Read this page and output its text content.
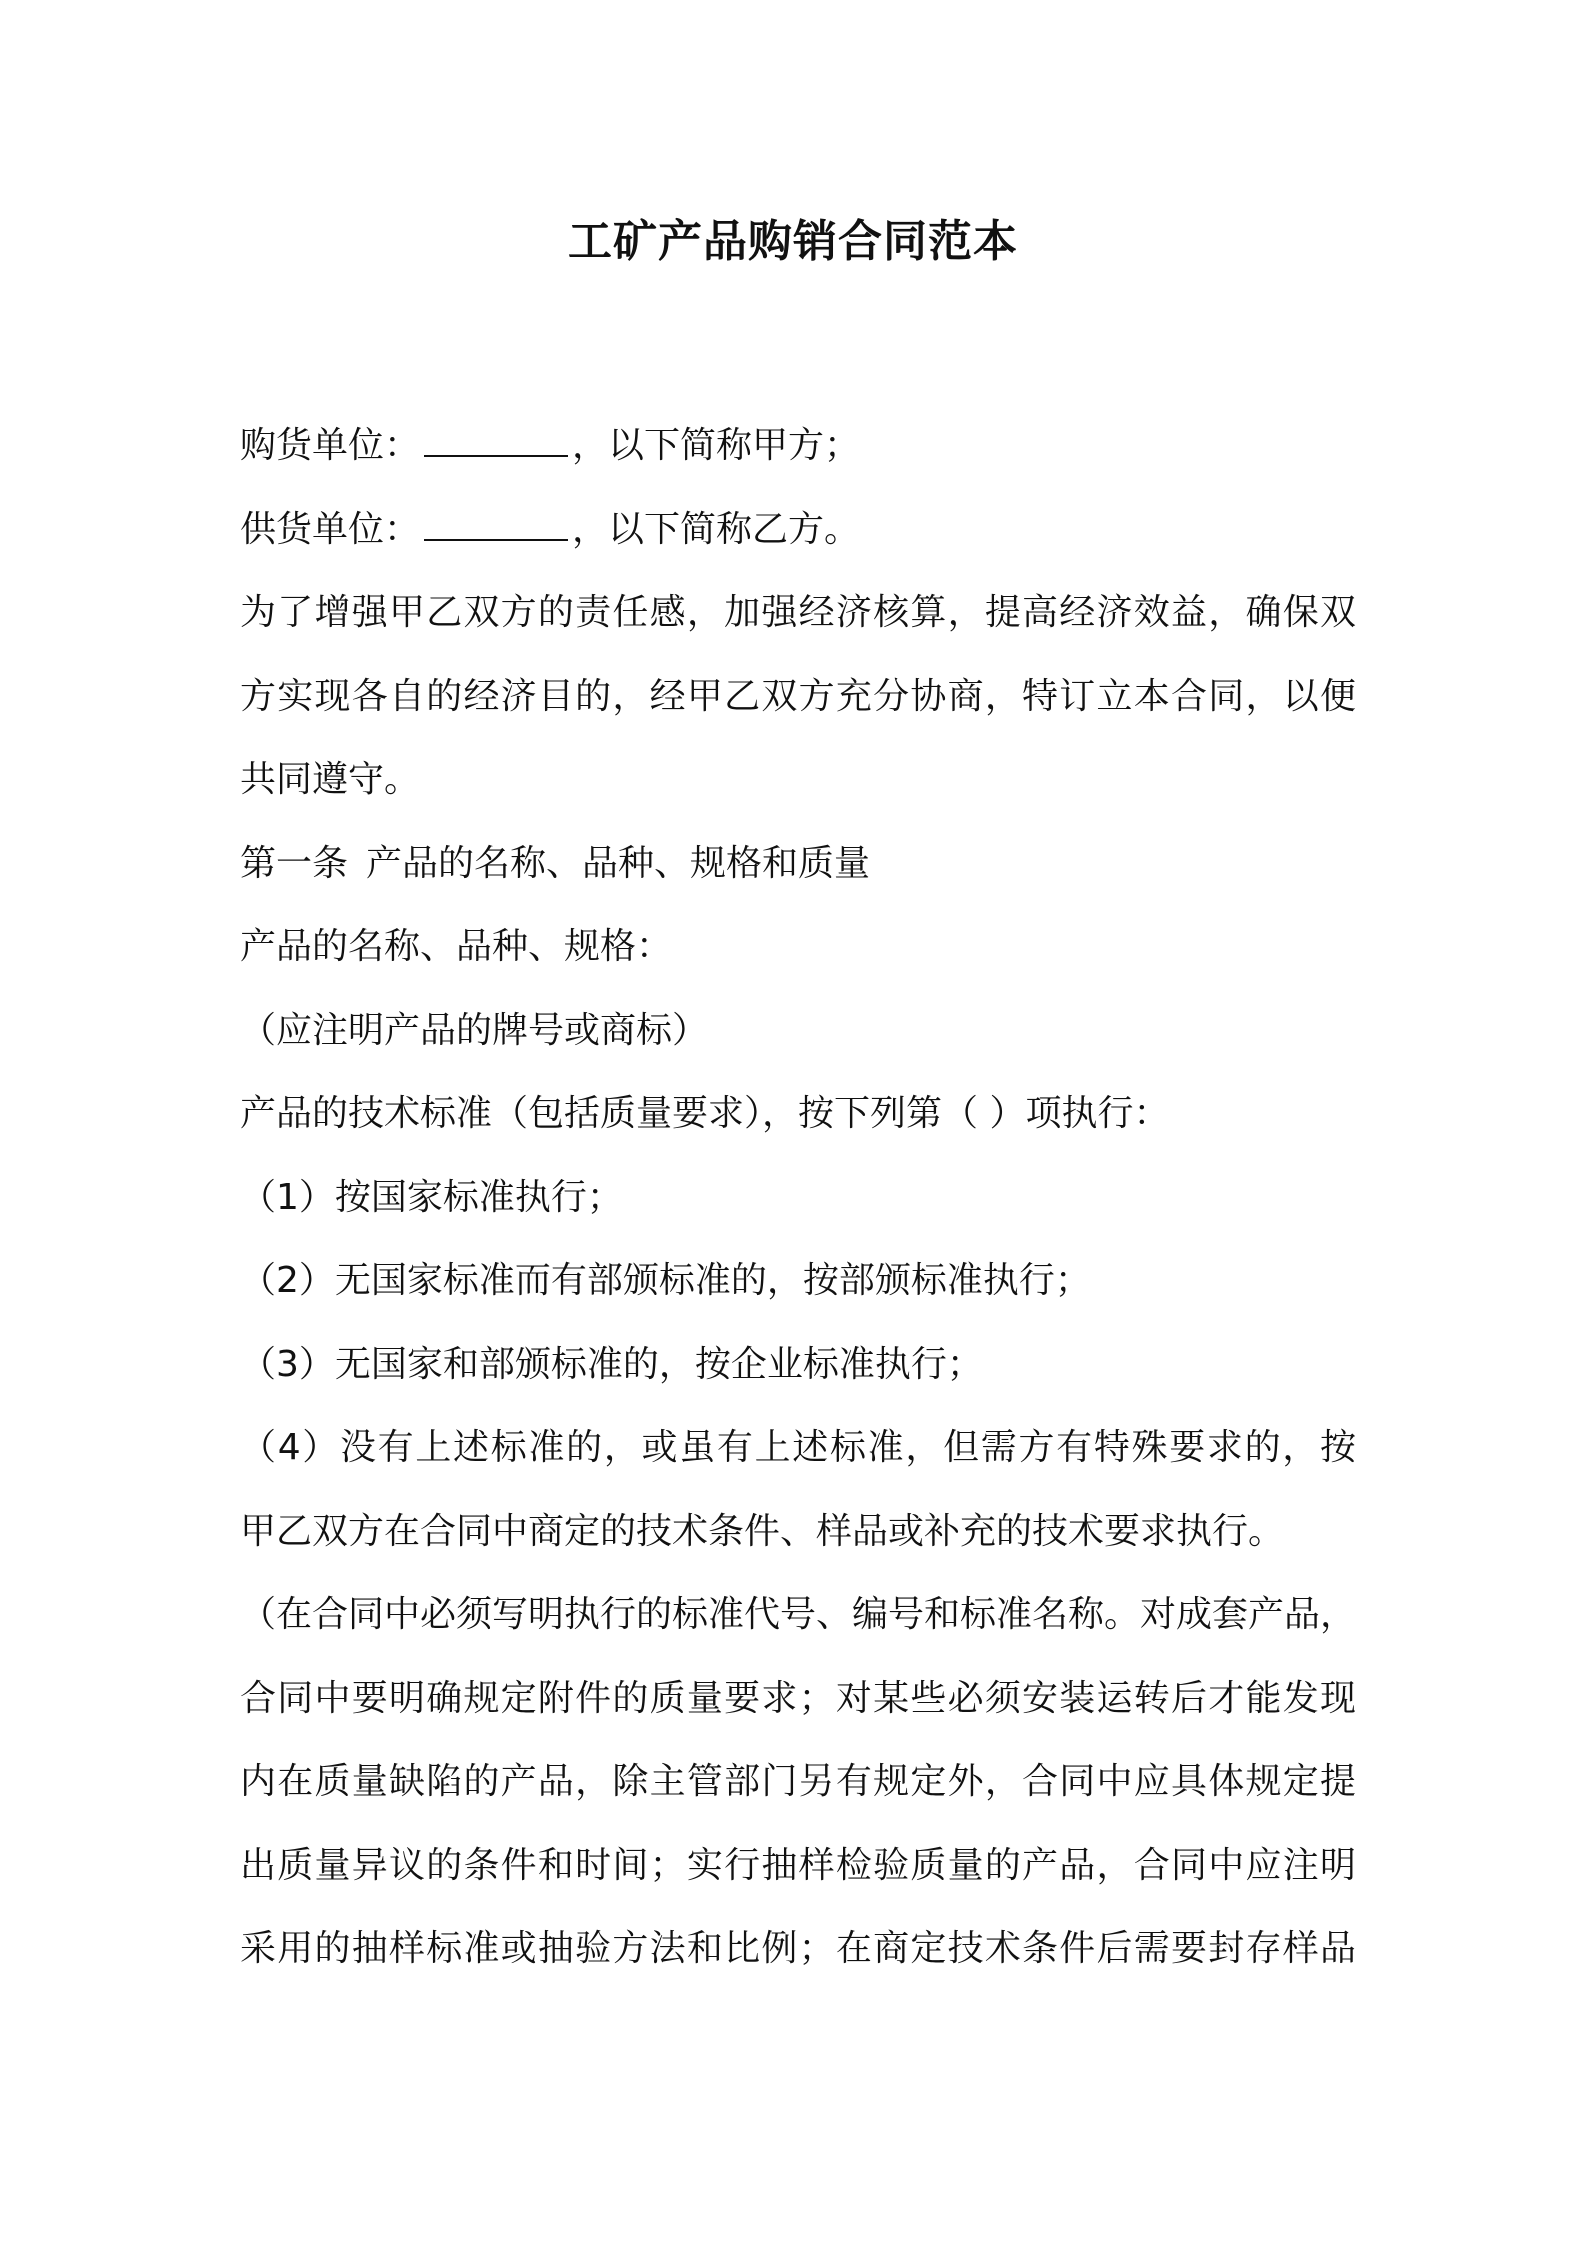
工矿产品购销合同范本
购货单位：	，以下简称甲方；
供货单位：	，以下简称乙方。
为了增强甲乙双方的责任感，加强经济核算，提高经济效益，确保双
方实现各自的经济目的，经甲乙双方充分协商，特订立本合同，以便
共同遵守。
第一条 产品的名称、品种、规格和质量
产品的名称、品种、规格：
（应注明产品的牌号或商标）
产品的技术标准（包括质量要求），按下列第（ ）项执行：
（1）按国家标准执行；
（2）无国家标准而有部颁标准的，按部颁标准执行；
（3）无国家和部颁标准的，按企业标准执行；
（4）没有上述标准的，或虽有上述标准，但需方有特殊要求的，按
甲乙双方在合同中商定的技术条件、样品或补充的技术要求执行。
（在合同中必须写明执行的标准代号、编号和标准名称。对成套产品，
合同中要明确规定附件的质量要求；对某些必须安装运转后才能发现
内在质量缺陷的产品，除主管部门另有规定外，合同中应具体规定提
出质量异议的条件和时间；实行抽样检验质量的产品，合同中应注明
采用的抽样标准或抽验方法和比例；在商定技术条件后需要封存样品
